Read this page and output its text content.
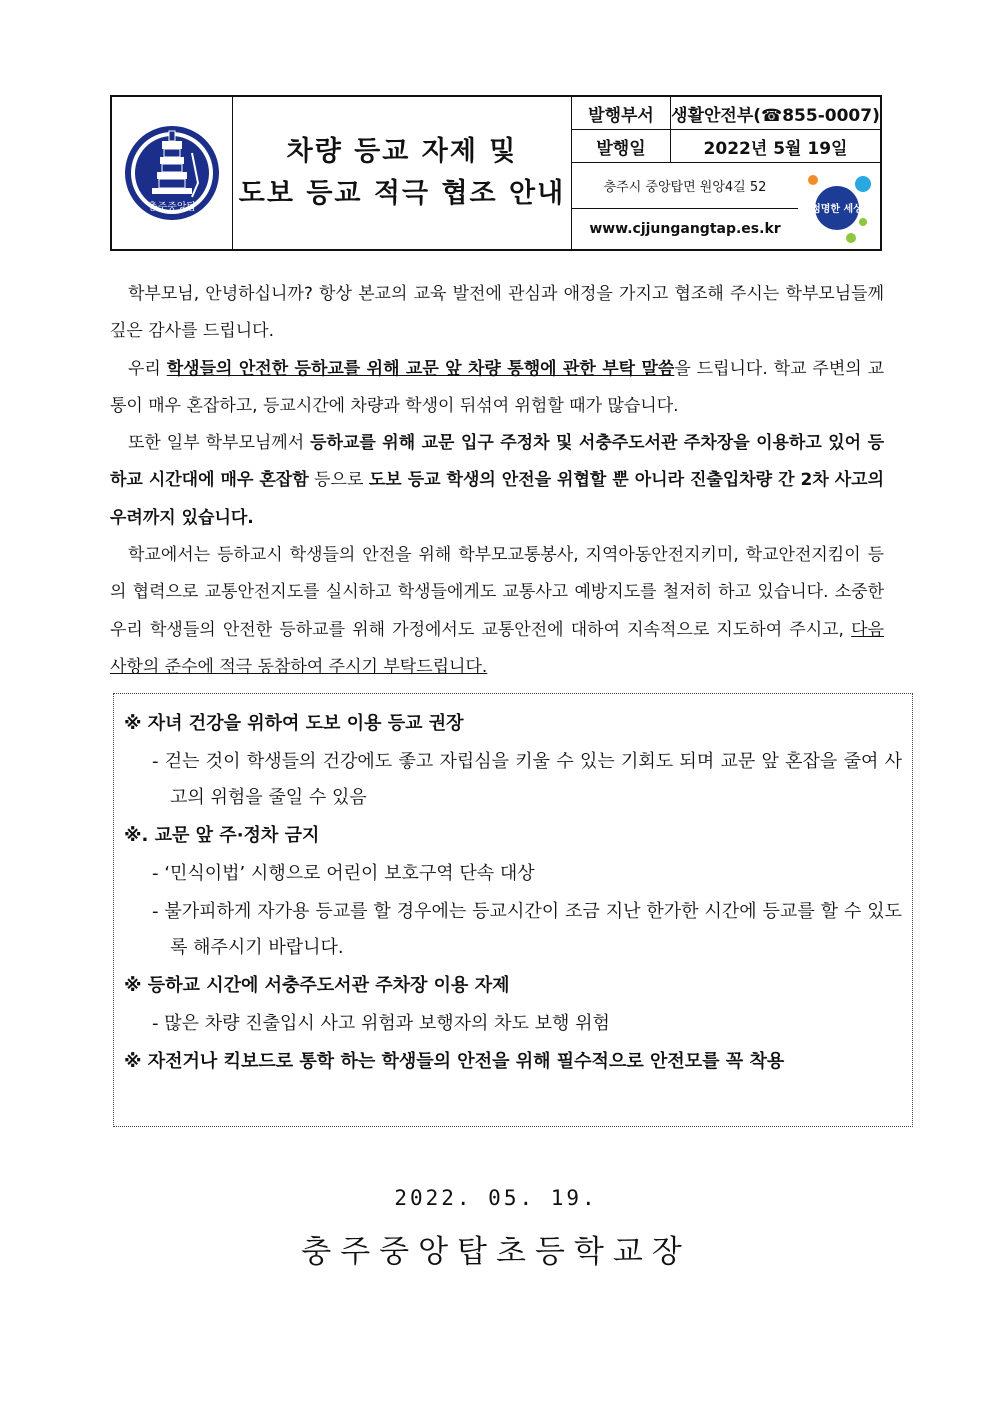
충주중앙탑
차량 등교 자제 및
도보 등교 적극 협조 안내
발행부서	생활안전부(☎855-0007)
발행일	2022년 5월 19일
충주시 중앙탑면 원앙4길 52
www.cjjungangtap.es.kr
청명한 세상

학부모님, 안녕하십니까? 항상 본교의 교육 발전에 관심과 애정을 가지고 협조해 주시는 학부모님들께 깊은 감사를 드립니다.

우리 학생들의 안전한 등하교를 위해 교문 앞 차량 통행에 관한 부탁 말씀을 드립니다. 학교 주변의 교통이 매우 혼잡하고, 등교시간에 차량과 학생이 뒤섞여 위험할 때가 많습니다.

또한 일부 학부모님께서 등하교를 위해 교문 입구 주정차 및 서충주도서관 주차장을 이용하고 있어 등하교 시간대에 매우 혼잡함 등으로 도보 등교 학생의 안전을 위협할 뿐 아니라 진출입차량 간 2차 사고의 우려까지 있습니다.

학교에서는 등하교시 학생들의 안전을 위해 학부모교통봉사, 지역아동안전지키미, 학교안전지킴이 등의 협력으로 교통안전지도를 실시하고 학생들에게도 교통사고 예방지도를 철저히 하고 있습니다. 소중한 우리 학생들의 안전한 등하교를 위해 가정에서도 교통안전에 대하여 지속적으로 지도하여 주시고, 다음 사항의 준수에 적극 동참하여 주시기 부탁드립니다.

※ 자녀 건강을 위하여 도보 이용 등교 권장
- 걷는 것이 학생들의 건강에도 좋고 자립심을 키울 수 있는 기회도 되며 교문 앞 혼잡을 줄여 사고의 위험을 줄일 수 있음
※. 교문 앞 주·정차 금지
- ‘민식이법’ 시행으로 어린이 보호구역 단속 대상
- 불가피하게 자가용 등교를 할 경우에는 등교시간이 조금 지난 한가한 시간에 등교를 할 수 있도록 해주시기 바랍니다.
※ 등하교 시간에 서충주도서관 주차장 이용 자제
- 많은 차량 진출입시 사고 위험과 보행자의 차도 보행 위험
※ 자전거나 킥보드로 통학 하는 학생들의 안전을 위해 필수적으로 안전모를 꼭 착용
2022. 05. 19.
충주중앙탑초등학교장
